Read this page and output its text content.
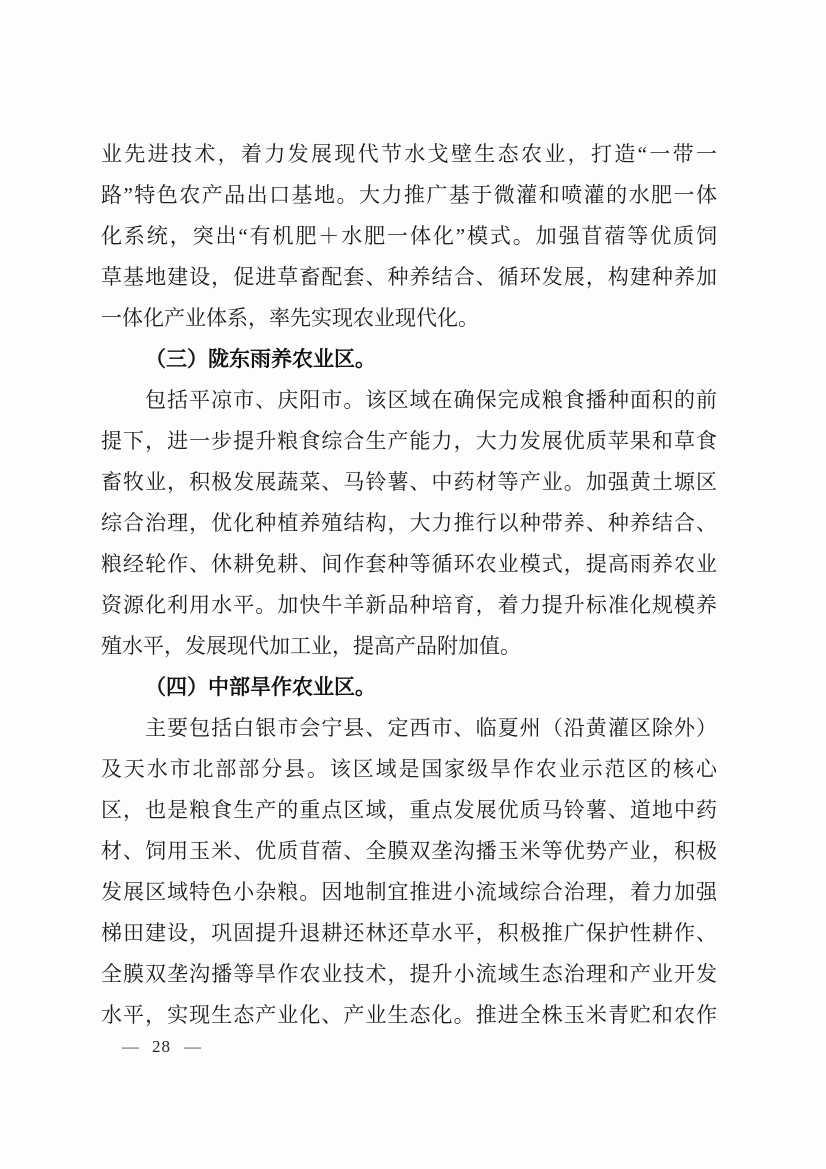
业先进技术，着力发展现代节水戈壁生态农业，打造“一带一
路”特色农产品出口基地。大力推广基于微灌和喷灌的水肥一体
化系统，突出“有机肥＋水肥一体化”模式。加强苜蓿等优质饲
草基地建设，促进草畜配套、种养结合、循环发展，构建种养加
一体化产业体系，率先实现农业现代化。
（三）陇东雨养农业区。
包括平凉市、庆阳市。该区域在确保完成粮食播种面积的前
提下，进一步提升粮食综合生产能力，大力发展优质苹果和草食
畜牧业，积极发展蔬菜、马铃薯、中药材等产业。加强黄土塬区
综合治理，优化种植养殖结构，大力推行以种带养、种养结合、
粮经轮作、休耕免耕、间作套种等循环农业模式，提高雨养农业
资源化利用水平。加快牛羊新品种培育，着力提升标准化规模养
殖水平，发展现代加工业，提高产品附加值。
（四）中部旱作农业区。
主要包括白银市会宁县、定西市、临夏州（沿黄灌区除外）
及天水市北部部分县。该区域是国家级旱作农业示范区的核心
区，也是粮食生产的重点区域，重点发展优质马铃薯、道地中药
材、饲用玉米、优质苜蓿、全膜双垄沟播玉米等优势产业，积极
发展区域特色小杂粮。因地制宜推进小流域综合治理，着力加强
梯田建设，巩固提升退耕还林还草水平，积极推广保护性耕作、
全膜双垄沟播等旱作农业技术，提升小流域生态治理和产业开发
水平，实现生态产业化、产业生态化。推进全株玉米青贮和农作
— 28 —
